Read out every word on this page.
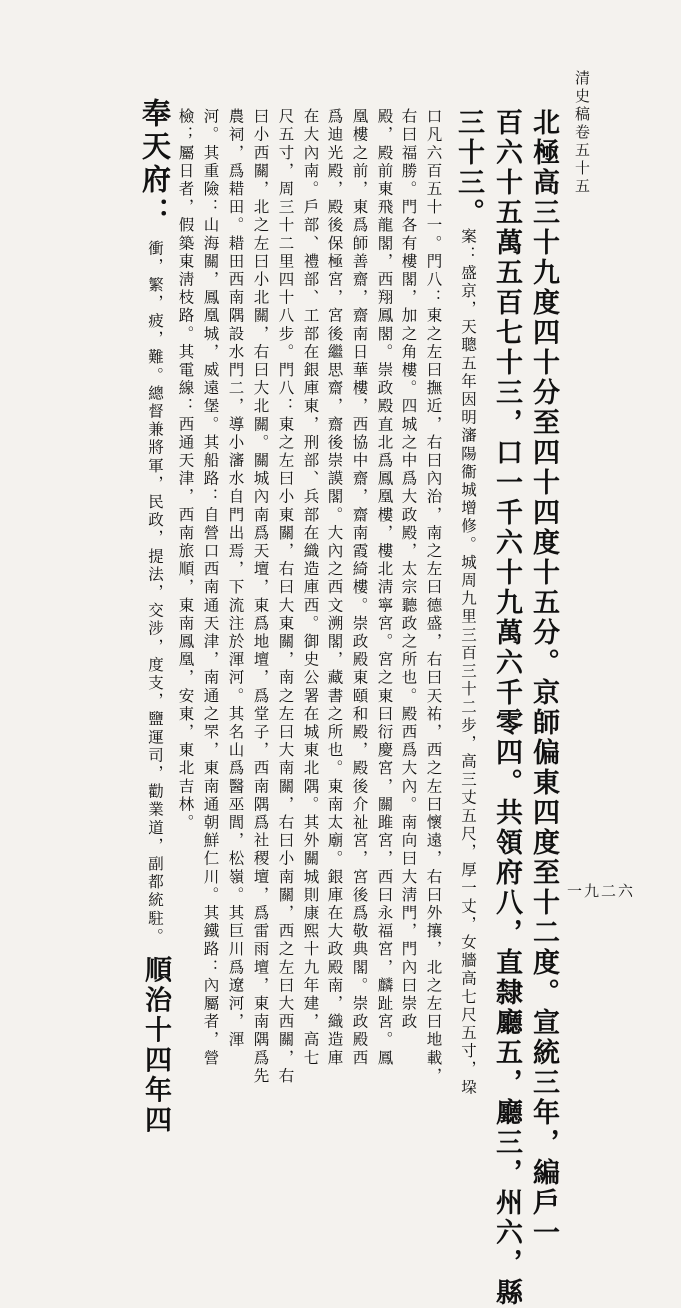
清史稿卷五十五
一九二六
北極高三十九度四十分至四十四度十五分。京師偏東四度至十二度。宣統三年，編戶一
百六十五萬五百七十三，口一千六十九萬六千零四。共領府八，直隸廳五，廳三，州六，縣
三十三。案：盛京，天聰五年因明瀋陽衞城增修。城周九里三百三十二步，高三丈五尺，厚一丈，女牆高七尺五寸，垜
口凡六百五十一。門八：東之左曰撫近，右曰內治，南之左曰德盛，右曰天祐，西之左曰懷遠，右曰外攘，北之左曰地載，
右曰福勝。門各有樓閣，加之角樓。四城之中爲大政殿，太宗聽政之所也。殿西爲大內。南向曰大淸門，門內曰崇政
殿，殿前東飛龍閣，西翔鳳閣。崇政殿直北爲鳳凰樓，樓北淸寧宮。宮之東曰衍慶宮，關雎宮，西曰永福宮，麟趾宮。鳳
凰樓之前，東爲師善齋，齋南日華樓，西協中齋，齋南霞綺樓。崇政殿東頤和殿，殿後介祉宮，宮後爲敬典閣。崇政殿西
爲迪光殿，殿後保極宮，宮後繼思齋，齋後崇謨閣。大內之西文溯閣，藏書之所也。東南太廟。銀庫在大政殿南，織造庫
在大內南。戶部、禮部、工部在銀庫東，刑部、兵部在織造庫西。御史公署在城東北隅。其外關城則康熙十九年建，高七
尺五寸，周三十二里四十八步。門八：東之左曰小東關，右曰大東關，南之左曰大南關，右曰小南關，西之左曰大西關，右
曰小西關，北之左曰小北關，右曰大北關。關城內南爲天壇，東爲地壇，爲堂子，西南隅爲社稷壇，爲雷雨壇，東南隅爲先
農祠，爲耤田。耤田西南隅設水門二，導小瀋水自門出焉，下流注於渾河。其名山爲醫巫閭，松嶺。其巨川爲遼河，渾
河。其重險：山海關，鳳凰城，威遠堡。其船路：自營口西南通天津，南通之罘，東南通朝鮮仁川。其鐵路：內屬者，營
檢；屬日者，假築東淸枝路。其電線：西通天津，西南旅順，東南鳳凰，安東，東北吉林。
奉天府：衝，繁，疲，難。總督兼將軍，民政，提法，交涉，度支，鹽運司，勸業道，副都統駐。順治十四年四
